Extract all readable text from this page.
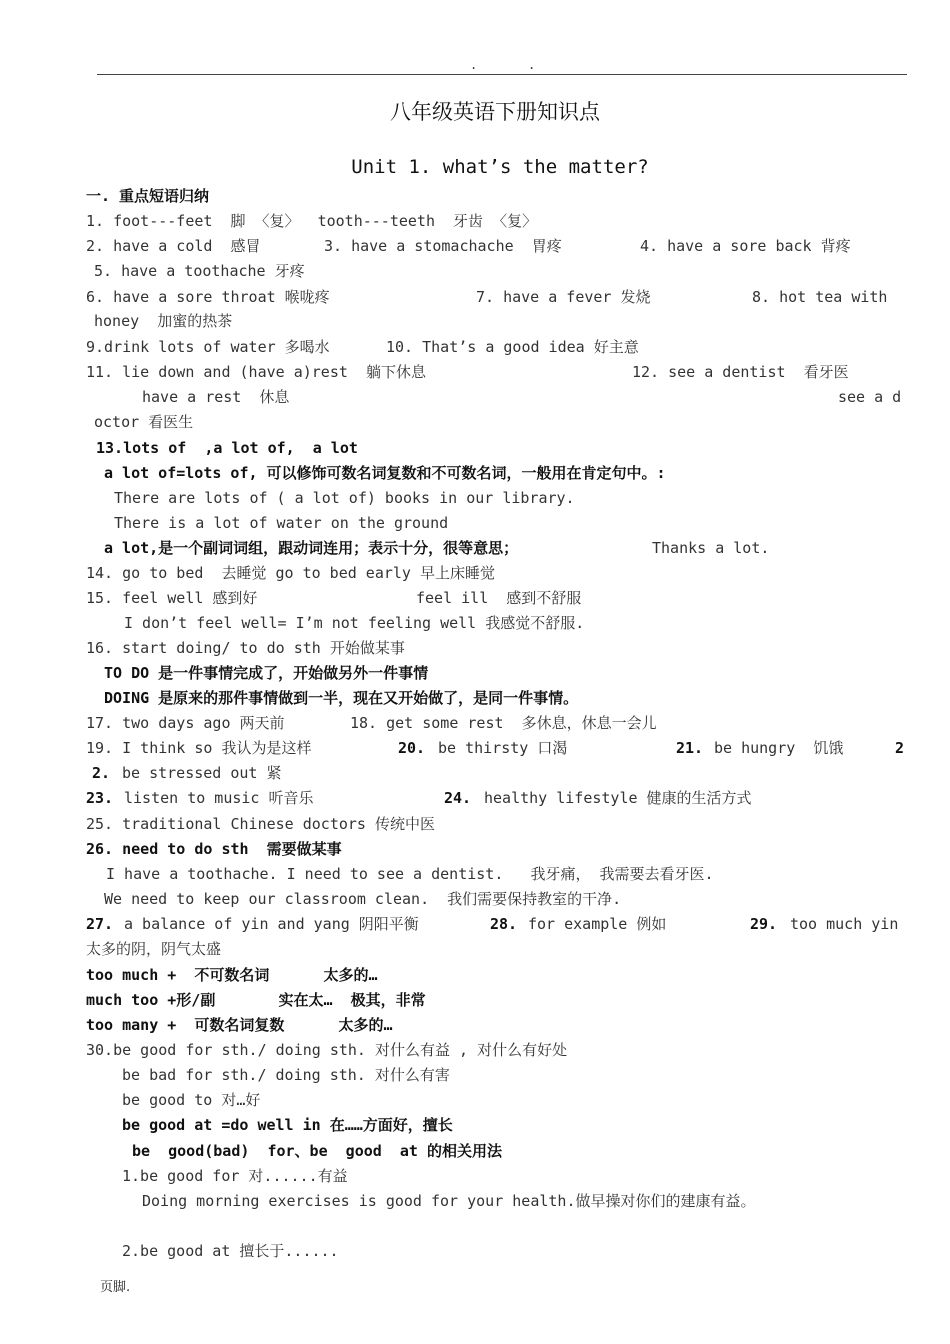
.	.
八年级英语下册知识点
Unit 1. what’s the matter?
一. 重点短语归纳
1. foot---feet  脚 〈复〉  tooth---teeth  牙齿 〈复〉
2. have a cold  感冒	3. have a stomachache  胃疼	4. have a sore back 背疼
5. have a toothache 牙疼
6. have a sore throat 喉咙疼	7. have a fever 发烧	8. hot tea with
honey  加蜜的热茶
9.drink lots of water 多喝水	10. That’s a good idea 好主意
11. lie down and (have a)rest  躺下休息	12. see a dentist  看牙医
have a rest  休息	see a d
octor 看医生
13.lots of  ,a lot of,  a lot
a lot of=lots of, 可以修饰可数名词复数和不可数名词，一般用在肯定句中。:
There are lots of ( a lot of) books in our library.
There is a lot of water on the ground
a lot,是一个副词词组，跟动词连用；表示十分，很等意思；	Thanks a lot.
14. go to bed  去睡觉 go to bed early 早上床睡觉
15. feel well 感到好	feel ill  感到不舒服
I don’t feel well= I’m not feeling well 我感觉不舒服.
16. start doing/ to do sth 开始做某事
TO DO 是一件事情完成了，开始做另外一件事情
DOING 是原来的那件事情做到一半，现在又开始做了，是同一件事情。
17. two days ago 两天前	18. get some rest  多休息，休息一会儿
19. I think so 我认为是这样	20. be thirsty 口渴	21. be hungry  饥饿	2
2. be stressed out 紧
23. listen to music 听音乐	24. healthy lifestyle 健康的生活方式
25. traditional Chinese doctors 传统中医
26. need to do sth  需要做某事
I have a toothache. I need to see a dentist.   我牙痛， 我需要去看牙医.
We need to keep our classroom clean.  我们需要保持教室的干净.
27. a balance of yin and yang 阴阳平衡	28. for example 例如	29. too much yin
太多的阴，阴气太盛
too much +  不可数名词      太多的…
much too +形/副       实在太…  极其，非常
too many +  可数名词复数      太多的…
30.be good for sth./ doing sth. 对什么有益 , 对什么有好处
be bad for sth./ doing sth. 对什么有害
be good to 对…好
be good at =do well in 在……方面好，擅长
be  good(bad)  for、be  good  at 的相关用法
1.be good for 对......有益
Doing morning exercises is good for your health.做早操对你们的建康有益。
2.be good at 擅长于......
页脚.
